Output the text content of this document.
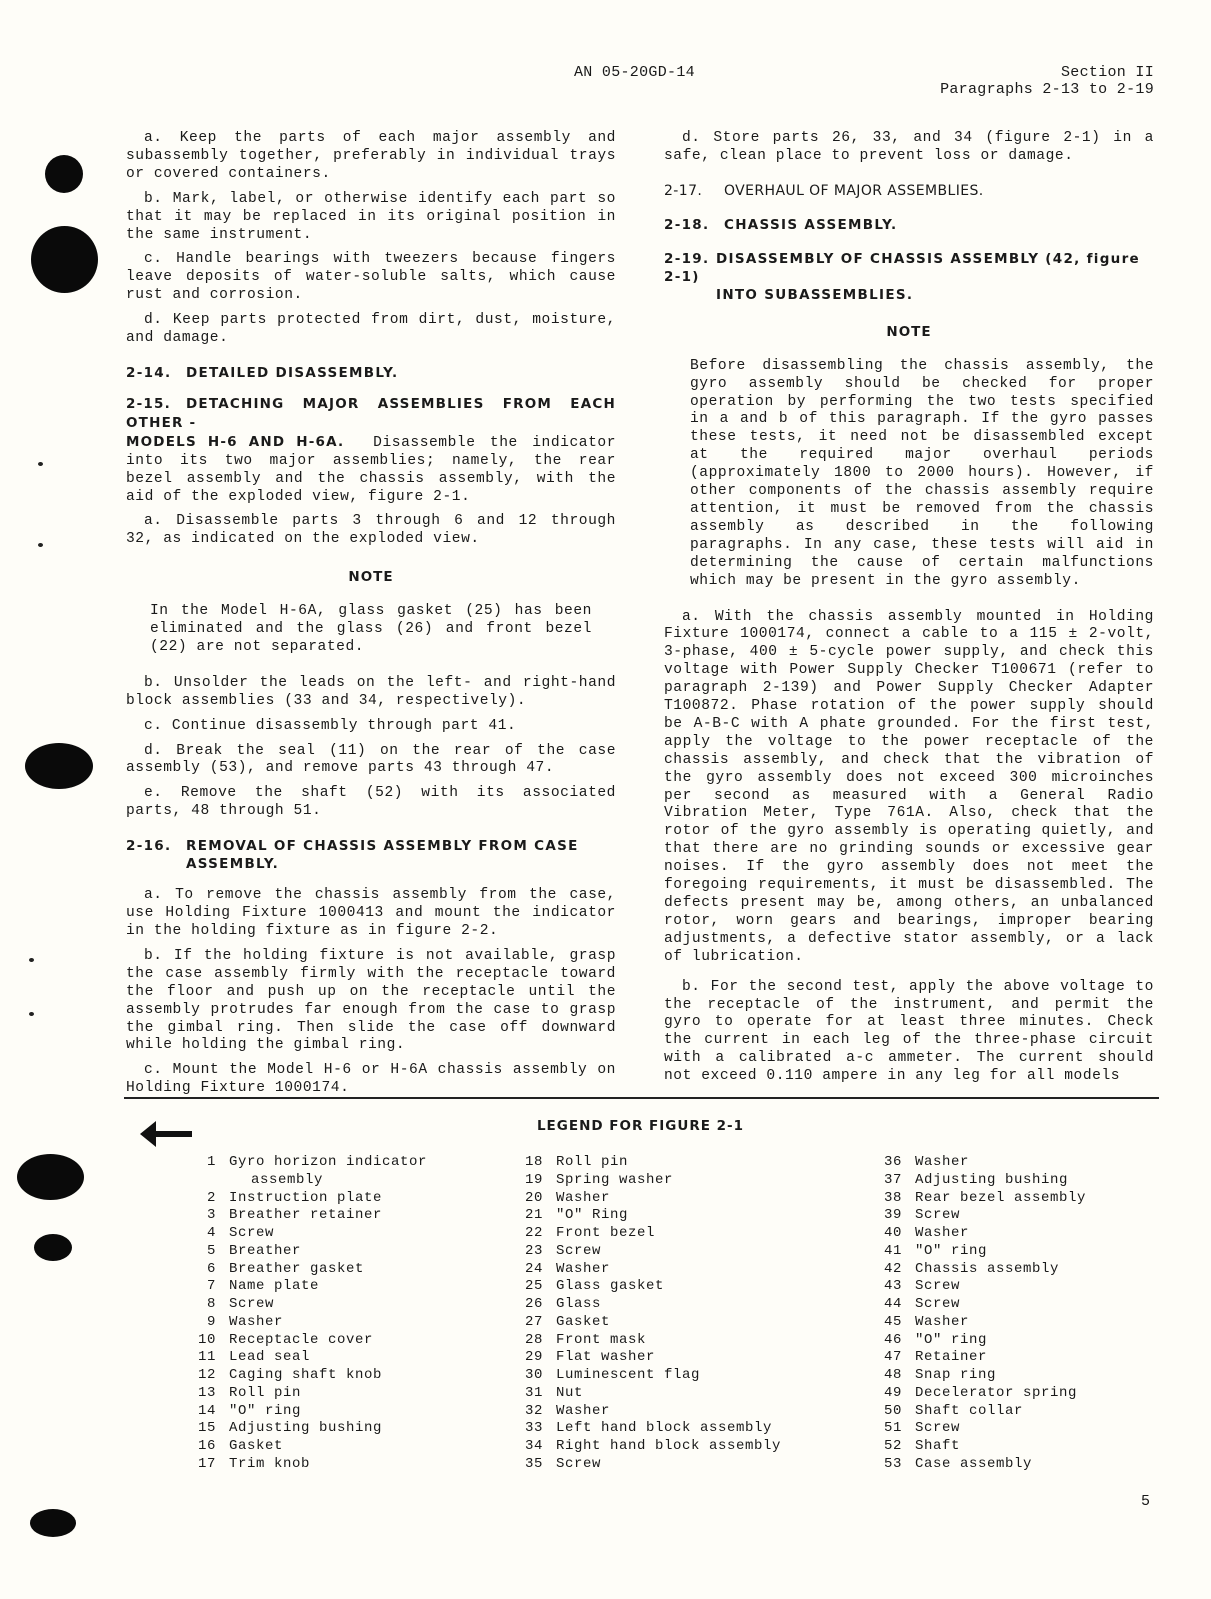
AN 05-20GD-14	Section II
Paragraphs 2-13 to 2-19

a. Keep the parts of each major assembly and subassembly together, preferably in individual trays or covered containers.

b. Mark, label, or otherwise identify each part so that it may be replaced in its original position in the same instrument.

c. Handle bearings with tweezers because fingers leave deposits of water-soluble salts, which cause rust and corrosion.

d. Keep parts protected from dirt, dust, moisture, and damage.

2-14. DETAILED DISASSEMBLY.

2-15. DETACHING MAJOR ASSEMBLIES FROM EACH OTHER -
MODELS H-6 AND H-6A. Disassemble the indicator into its two major assemblies; namely, the rear bezel assembly and the chassis assembly, with the aid of the exploded view, figure 2-1.

a. Disassemble parts 3 through 6 and 12 through 32, as indicated on the exploded view.

NOTE

In the Model H-6A, glass gasket (25) has been eliminated and the glass (26) and front bezel (22) are not separated.

b. Unsolder the leads on the left- and right-hand block assemblies (33 and 34, respectively).

c. Continue disassembly through part 41.

d. Break the seal (11) on the rear of the case assembly (53), and remove parts 43 through 47.

e. Remove the shaft (52) with its associated parts, 48 through 51.

2-16. REMOVAL OF CHASSIS ASSEMBLY FROM CASE
ASSEMBLY.

a. To remove the chassis assembly from the case, use Holding Fixture 1000413 and mount the indicator in the holding fixture as in figure 2-2.

b. If the holding fixture is not available, grasp the case assembly firmly with the receptacle toward the floor and push up on the receptacle until the assembly protrudes far enough from the case to grasp the gimbal ring. Then slide the case off downward while holding the gimbal ring.

c. Mount the Model H-6 or H-6A chassis assembly on Holding Fixture 1000174.

d. Store parts 26, 33, and 34 (figure 2-1) in a safe, clean place to prevent loss or damage.

2-17. OVERHAUL OF MAJOR ASSEMBLIES.
2-18. CHASSIS ASSEMBLY.
2-19. DISASSEMBLY OF CHASSIS ASSEMBLY (42, figure 2-1)
INTO SUBASSEMBLIES.
NOTE

Before disassembling the chassis assembly, the gyro assembly should be checked for proper operation by performing the two tests specified in a and b of this paragraph. If the gyro passes these tests, it need not be disassembled except at the required major overhaul periods (approximately 1800 to 2000 hours). However, if other components of the chassis assembly require attention, it must be removed from the chassis assembly as described in the following paragraphs. In any case, these tests will aid in determining the cause of certain malfunctions which may be present in the gyro assembly.

a. With the chassis assembly mounted in Holding Fixture 1000174, connect a cable to a 115 ± 2-volt, 3-phase, 400 ± 5-cycle power supply, and check this voltage with Power Supply Checker T100671 (refer to paragraph 2-139) and Power Supply Checker Adapter T100872. Phase rotation of the power supply should be A-B-C with A phate grounded. For the first test, apply the voltage to the power receptacle of the chassis assembly, and check that the vibration of the gyro assembly does not exceed 300 microinches per second as measured with a General Radio Vibration Meter, Type 761A. Also, check that the rotor of the gyro assembly is operating quietly, and that there are no grinding sounds or excessive gear noises. If the gyro assembly does not meet the foregoing requirements, it must be disassembled. The defects present may be, among others, an unbalanced rotor, worn gears and bearings, improper bearing adjustments, a defective stator assembly, or a lack of lubrication.

b. For the second test, apply the above voltage to the receptacle of the instrument, and permit the gyro to operate for at least three minutes. Check the current in each leg of the three-phase circuit with a calibrated a-c ammeter. The current should not exceed 0.110 ampere in any leg for all models

LEGEND FOR FIGURE 2-1
1 Gyro horizon indicator
assembly
2 Instruction plate
3 Breather retainer
4 Screw
5 Breather
6 Breather gasket
7 Name plate
8 Screw
9 Washer
10 Receptacle cover
11 Lead seal
12 Caging shaft knob
13 Roll pin
14 "O" ring
15 Adjusting bushing
16 Gasket
17 Trim knob
18 Roll pin
19 Spring washer
20 Washer
21 "O" Ring
22 Front bezel
23 Screw
24 Washer
25 Glass gasket
26 Glass
27 Gasket
28 Front mask
29 Flat washer
30 Luminescent flag
31 Nut
32 Washer
33 Left hand block assembly
34 Right hand block assembly
35 Screw
36 Washer
37 Adjusting bushing
38 Rear bezel assembly
39 Screw
40 Washer
41 "O" ring
42 Chassis assembly
43 Screw
44 Screw
45 Washer
46 "O" ring
47 Retainer
48 Snap ring
49 Decelerator spring
50 Shaft collar
51 Screw
52 Shaft
53 Case assembly
5
